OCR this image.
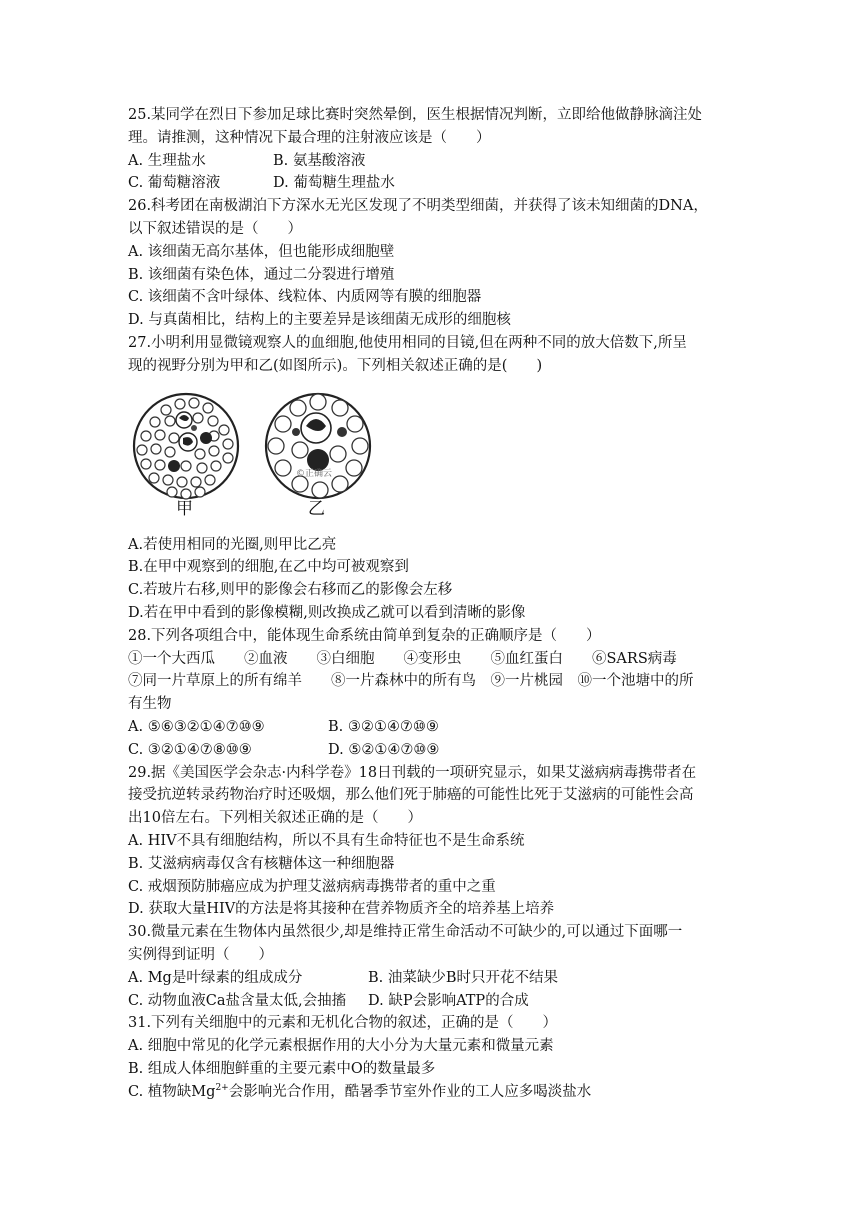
25.某同学在烈日下参加足球比赛时突然晕倒，医生根据情况判断，立即给他做静脉滴注处
理。请推测，这种情况下最合理的注射液应该是（　　）
A. 生理盐水	B. 氨基酸溶液
C. 葡萄糖溶液	D. 葡萄糖生理盐水
26.科考团在南极湖泊下方深水无光区发现了不明类型细菌，并获得了该未知细菌的DNA，
以下叙述错误的是（　　）
A. 该细菌无高尔基体，但也能形成细胞壁
B. 该细菌有染色体，通过二分裂进行增殖
C. 该细菌不含叶绿体、线粒体、内质网等有膜的细胞器
D. 与真菌相比，结构上的主要差异是该细菌无成形的细胞核
27.小明利用显微镜观察人的血细胞,他使用相同的目镜,但在两种不同的放大倍数下,所呈
现的视野分别为甲和乙(如图所示)。下列相关叙述正确的是(　　)
©正确云
甲	乙
A.若使用相同的光圈,则甲比乙亮
B.在甲中观察到的细胞,在乙中均可被观察到
C.若玻片右移,则甲的影像会右移而乙的影像会左移
D.若在甲中看到的影像模糊,则改换成乙就可以看到清晰的影像
28.下列各项组合中，能体现生命系统由简单到复杂的正确顺序是（　　）
①一个大西瓜　　②血液　　③白细胞　　④变形虫　　⑤血红蛋白　　⑥SARS病毒
⑦同一片草原上的所有绵羊　　⑧一片森林中的所有鸟　⑨一片桃园　⑩一个池塘中的所
有生物
A. ⑤⑥③②①④⑦⑩⑨	B. ③②①④⑦⑩⑨
C. ③②①④⑦⑧⑩⑨	D. ⑤②①④⑦⑩⑨
29.据《美国医学会杂志·内科学卷》18日刊载的一项研究显示，如果艾滋病病毒携带者在
接受抗逆转录药物治疗时还吸烟，那么他们死于肺癌的可能性比死于艾滋病的可能性会高
出10倍左右。下列相关叙述正确的是（　　）
A. HIV不具有细胞结构，所以不具有生命特征也不是生命系统
B. 艾滋病病毒仅含有核糖体这一种细胞器
C. 戒烟预防肺癌应成为护理艾滋病病毒携带者的重中之重
D. 获取大量HIV的方法是将其接种在营养物质齐全的培养基上培养
30.微量元素在生物体内虽然很少,却是维持正常生命活动不可缺少的,可以通过下面哪一
实例得到证明（　　）
A. Mg是叶绿素的组成成分	B. 油菜缺少B时只开花不结果
C. 动物血液Ca盐含量太低,会抽搐	D. 缺P会影响ATP的合成
31.下列有关细胞中的元素和无机化合物的叙述，正确的是（　　）
A. 细胞中常见的化学元素根据作用的大小分为大量元素和微量元素
B. 组成人体细胞鲜重的主要元素中O的数量最多
C. 植物缺$Mg^{2+}$会影响光合作用，酷暑季节室外作业的工人应多喝淡盐水
